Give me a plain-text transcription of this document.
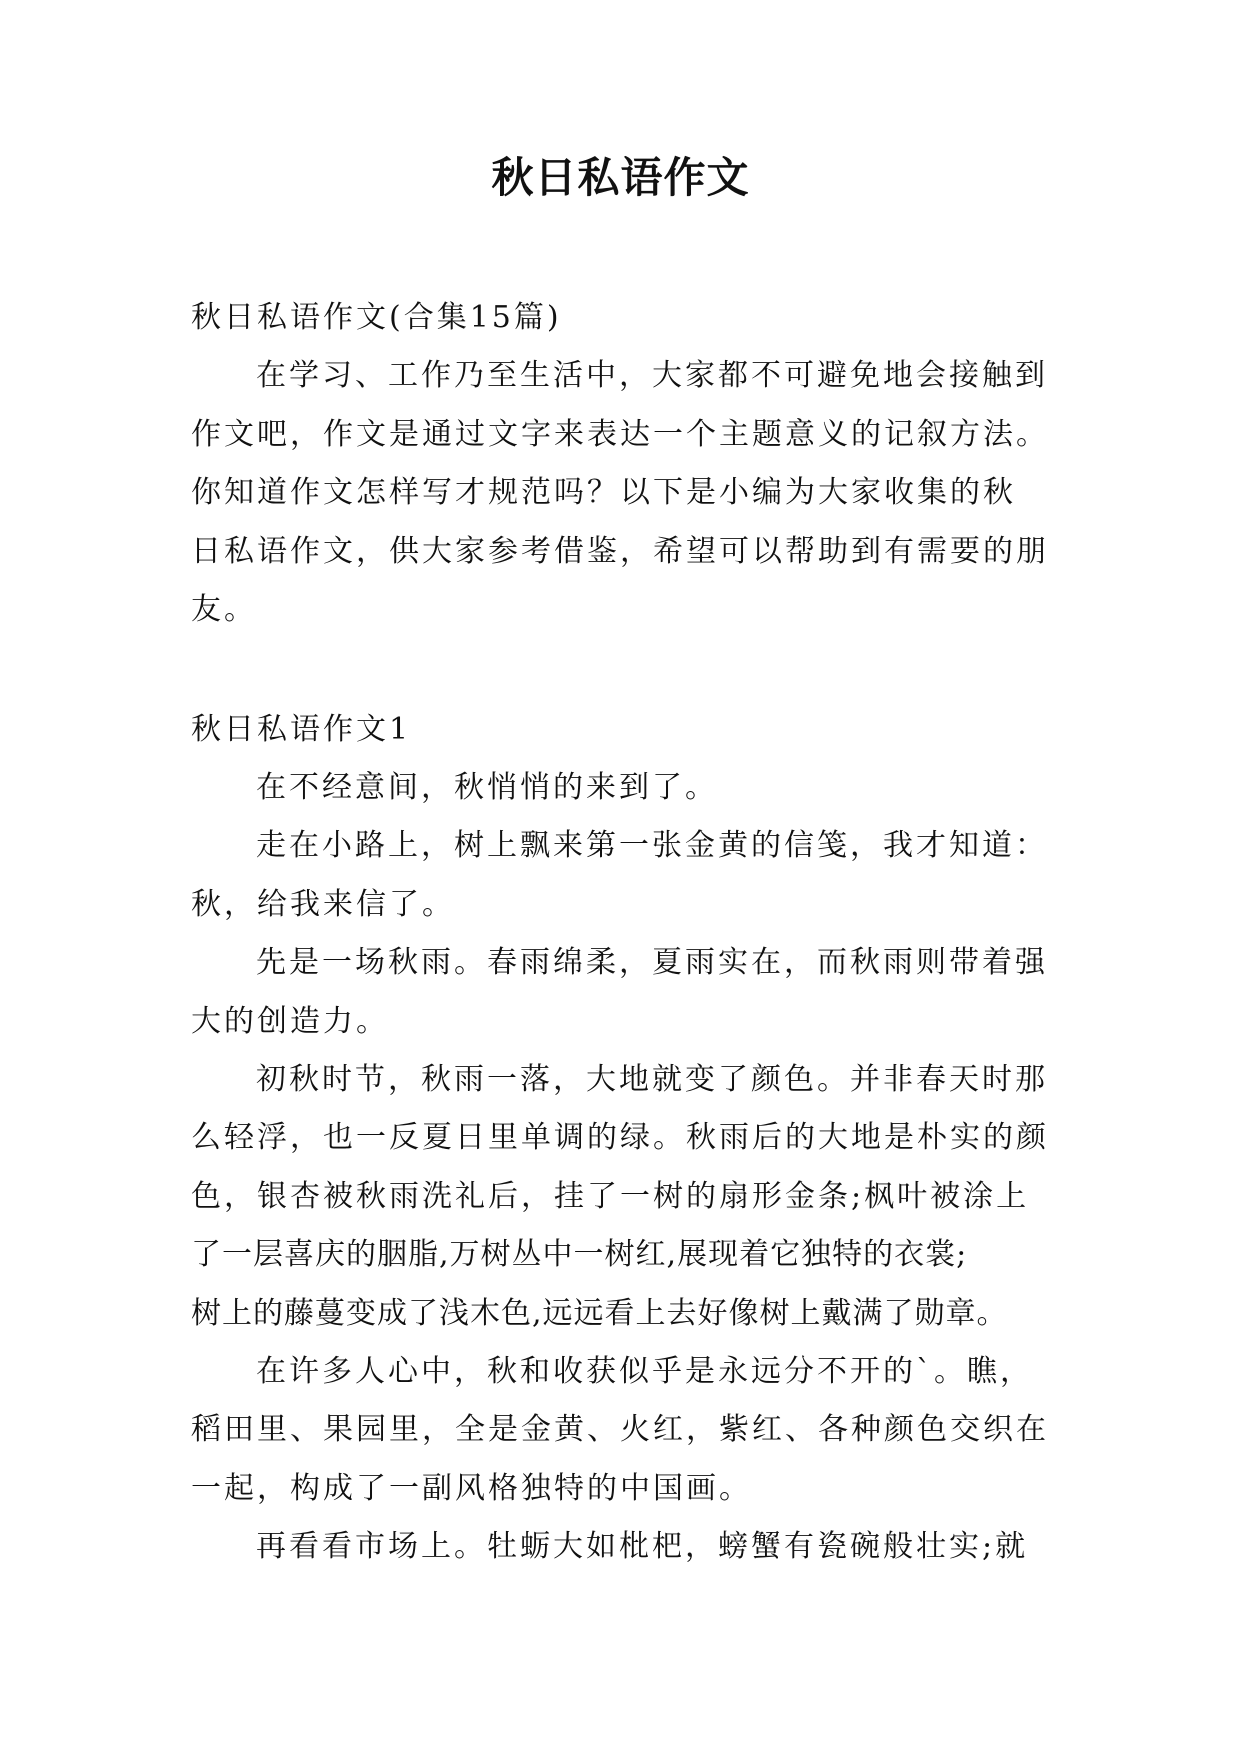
秋日私语作文
秋日私语作文(合集15篇)
在学习、工作乃至生活中，大家都不可避免地会接触到
作文吧，作文是通过文字来表达一个主题意义的记叙方法。
你知道作文怎样写才规范吗？以下是小编为大家收集的秋
日私语作文，供大家参考借鉴，希望可以帮助到有需要的朋
友。
秋日私语作文1
在不经意间，秋悄悄的来到了。
走在小路上，树上飘来第一张金黄的信笺，我才知道：
秋，给我来信了。
先是一场秋雨。春雨绵柔，夏雨实在，而秋雨则带着强
大的创造力。
初秋时节，秋雨一落，大地就变了颜色。并非春天时那
么轻浮，也一反夏日里单调的绿。秋雨后的大地是朴实的颜
色，银杏被秋雨洗礼后，挂了一树的扇形金条;枫叶被涂上
了一层喜庆的胭脂,万树丛中一树红,展现着它独特的衣裳;
树上的藤蔓变成了浅木色,远远看上去好像树上戴满了勋章。
在许多人心中，秋和收获似乎是永远分不开的`。瞧，
稻田里、果园里，全是金黄、火红，紫红、各种颜色交织在
一起，构成了一副风格独特的中国画。
再看看市场上。牡蛎大如枇杷，螃蟹有瓷碗般壮实;就
